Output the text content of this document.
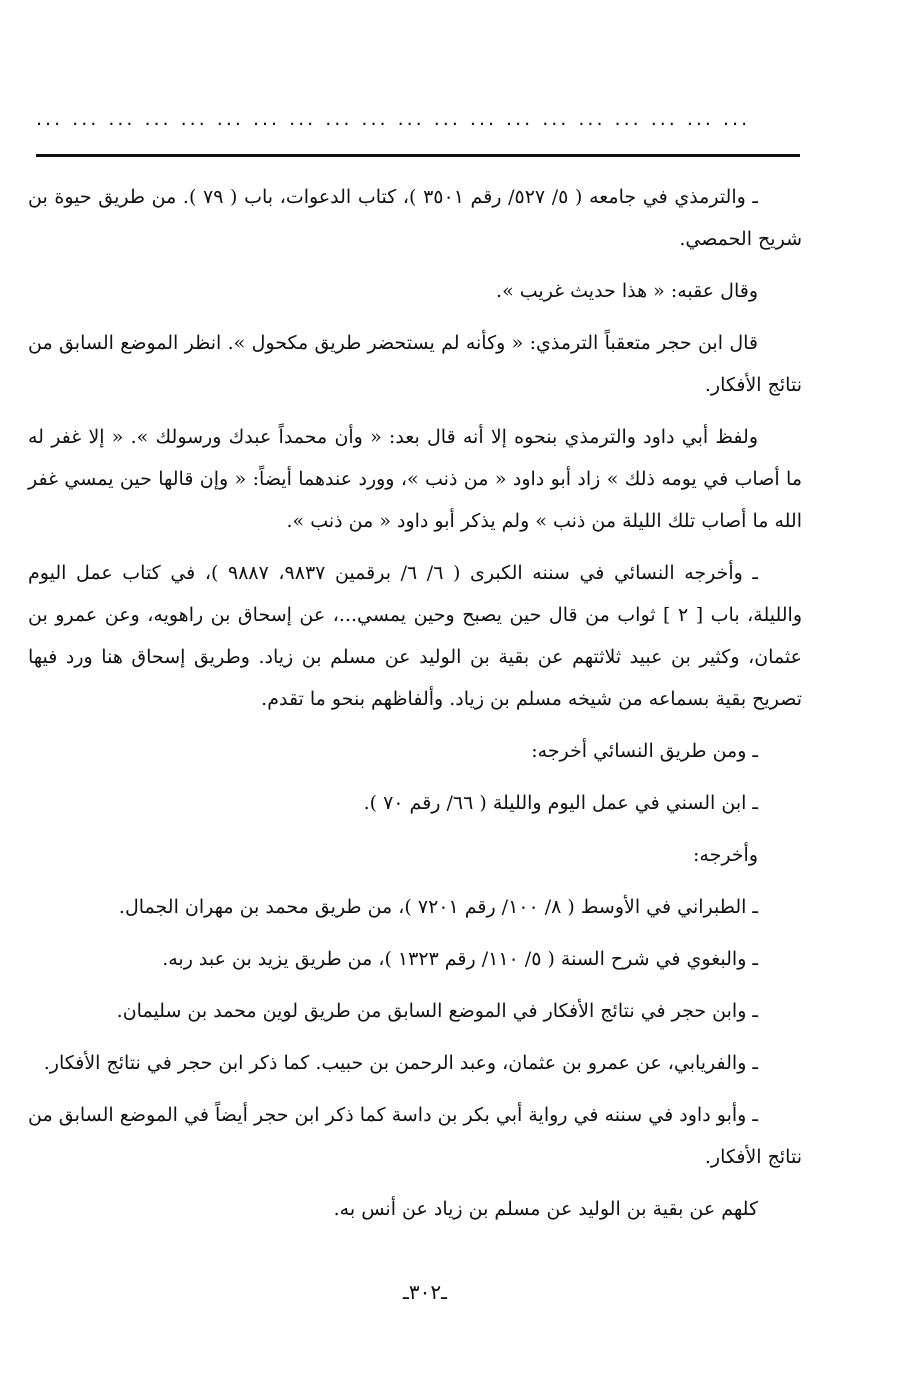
... ... ... ... ... ... ... ... ... ... ... ... ... ... ... ... ... ... ... ...

ـ والترمذي في جامعه ( ٥/ ٥٢٧/ رقم ٣٥٠١ )، كتاب الدعوات، باب ( ٧٩ ). من طريق حيوة بن شريح الحمصي.

وقال عقبه: « هذا حديث غريب ».

قال ابن حجر متعقباً الترمذي: « وكأنه لم يستحضر طريق مكحول ». انظر الموضع السابق من نتائج الأفكار.

ولفظ أبي داود والترمذي بنحوه إلا أنه قال بعد: « وأن محمداً عبدك ورسولك ». « إلا غفر له ما أصاب في يومه ذلك » زاد أبو داود « من ذنب »، وورد عندهما أيضاً: « وإن قالها حين يمسي غفر الله ما أصاب تلك الليلة من ذنب » ولم يذكر أبو داود « من ذنب ».

ـ وأخرجه النسائي في سننه الكبرى ( ٦/ ٦/ برقمين ٩٨٣٧، ٩٨٨٧ )، في كتاب عمل اليوم والليلة، باب [ ٢ ] ثواب من قال حين يصبح وحين يمسي...، عن إسحاق بن راهويه، وعن عمرو بن عثمان، وكثير بن عبيد ثلاثتهم عن بقية بن الوليد عن مسلم بن زياد. وطريق إسحاق هنا ورد فيها تصريح بقية بسماعه من شيخه مسلم بن زياد. وألفاظهم بنحو ما تقدم.

ـ ومن طريق النسائي أخرجه:

ـ ابن السني في عمل اليوم والليلة ( ٦٦/ رقم ٧٠ ).

وأخرجه:

ـ الطبراني في الأوسط ( ٨/ ١٠٠/ رقم ٧٢٠١ )، من طريق محمد بن مهران الجمال.

ـ والبغوي في شرح السنة ( ٥/ ١١٠/ رقم ١٣٢٣ )، من طريق يزيد بن عبد ربه.

ـ وابن حجر في نتائج الأفكار في الموضع السابق من طريق لوين محمد بن سليمان.

ـ والفريابي، عن عمرو بن عثمان، وعبد الرحمن بن حبيب. كما ذكر ابن حجر في نتائج الأفكار.

ـ وأبو داود في سننه في رواية أبي بكر بن داسة كما ذكر ابن حجر أيضاً في الموضع السابق من نتائج الأفكار.

كلهم عن بقية بن الوليد عن مسلم بن زياد عن أنس به.

ـ٣٠٢ـ
